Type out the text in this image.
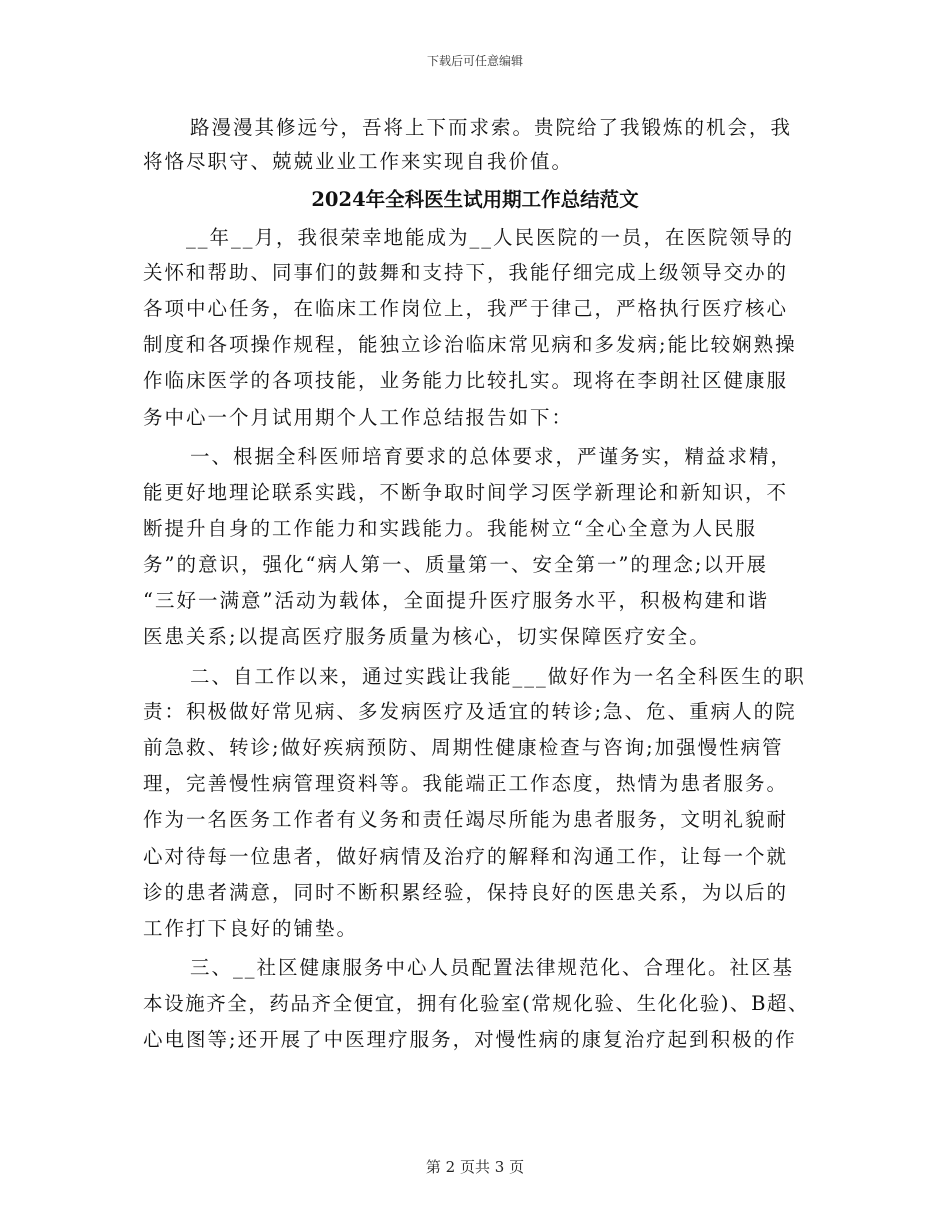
下载后可任意编辑
路漫漫其修远兮，吾将上下而求索。贵院给了我锻炼的机会，我
将恪尽职守、兢兢业业工作来实现自我价值。
2024年全科医生试用期工作总结范文
__年__月，我很荣幸地能成为__人民医院的一员，在医院领导的
关怀和帮助、同事们的鼓舞和支持下，我能仔细完成上级领导交办的
各项中心任务，在临床工作岗位上，我严于律己，严格执行医疗核心
制度和各项操作规程，能独立诊治临床常见病和多发病;能比较娴熟操
作临床医学的各项技能，业务能力比较扎实。现将在李朗社区健康服
务中心一个月试用期个人工作总结报告如下：
一、根据全科医师培育要求的总体要求，严谨务实，精益求精，
能更好地理论联系实践，不断争取时间学习医学新理论和新知识，不
断提升自身的工作能力和实践能力。我能树立“全心全意为人民服
务”的意识，强化“病人第一、质量第一、安全第一”的理念;以开展
“三好一满意”活动为载体，全面提升医疗服务水平，积极构建和谐
医患关系;以提高医疗服务质量为核心，切实保障医疗安全。
二、自工作以来，通过实践让我能___做好作为一名全科医生的职
责：积极做好常见病、多发病医疗及适宜的转诊;急、危、重病人的院
前急救、转诊;做好疾病预防、周期性健康检查与咨询;加强慢性病管
理，完善慢性病管理资料等。我能端正工作态度，热情为患者服务。
作为一名医务工作者有义务和责任竭尽所能为患者服务，文明礼貌耐
心对待每一位患者，做好病情及治疗的解释和沟通工作，让每一个就
诊的患者满意，同时不断积累经验，保持良好的医患关系，为以后的
工作打下良好的铺垫。
三、__社区健康服务中心人员配置法律规范化、合理化。社区基
本设施齐全，药品齐全便宜，拥有化验室(常规化验、生化化验)、B超、
心电图等;还开展了中医理疗服务，对慢性病的康复治疗起到积极的作
第 2 页共 3 页
